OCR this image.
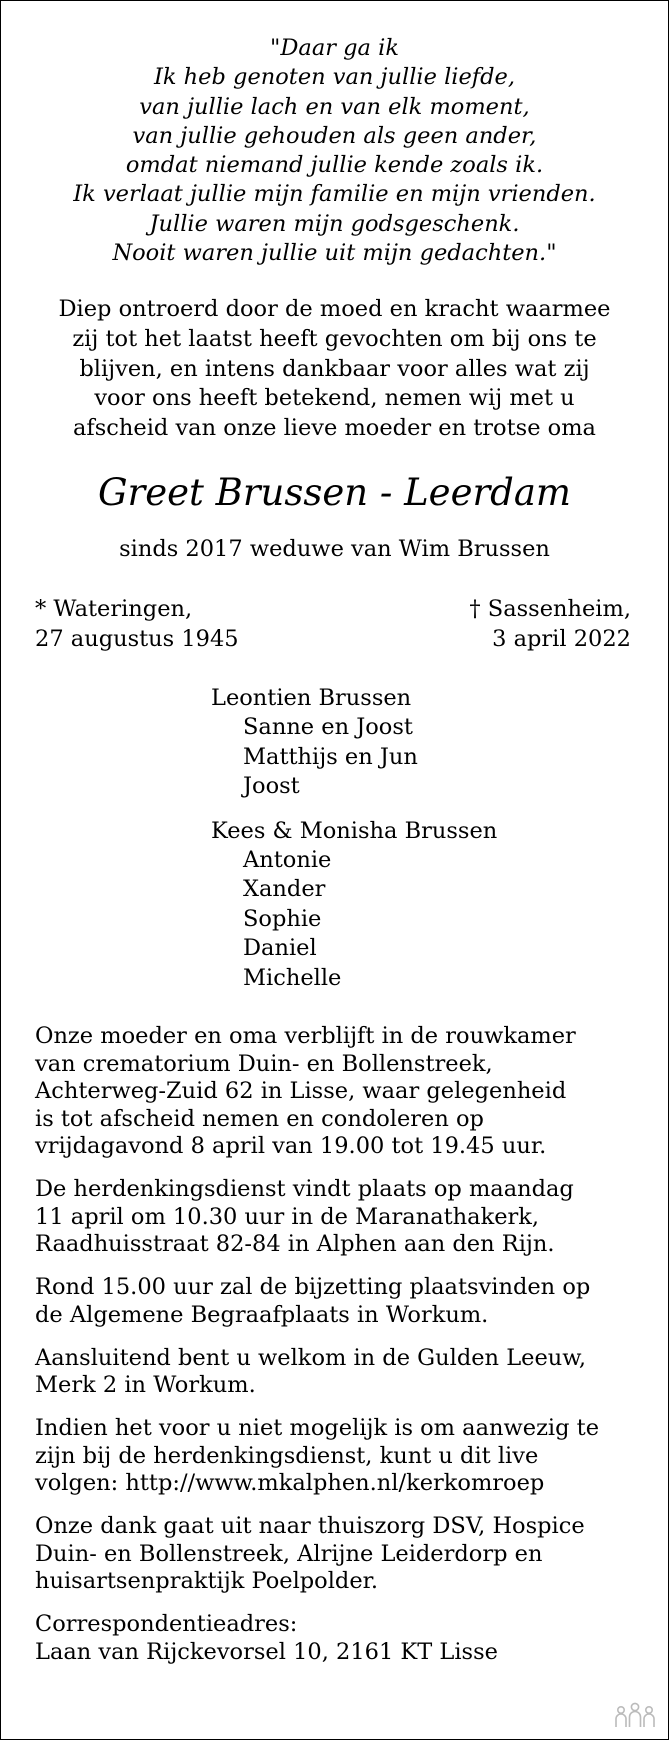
"Daar ga ik
Ik heb genoten van jullie liefde,
van jullie lach en van elk moment,
van jullie gehouden als geen ander,
omdat niemand jullie kende zoals ik.
Ik verlaat jullie mijn familie en mijn vrienden.
Jullie waren mijn godsgeschenk.
Nooit waren jullie uit mijn gedachten."
Diep ontroerd door de moed en kracht waarmee
zij tot het laatst heeft gevochten om bij ons te
blijven, en intens dankbaar voor alles wat zij
voor ons heeft betekend, nemen wij met u
afscheid van onze lieve moeder en trotse oma
Greet Brussen - Leerdam
sinds 2017 weduwe van Wim Brussen
* Wateringen,
27 augustus 1945
† Sassenheim,
3 april 2022
Leontien Brussen
Sanne en Joost
Matthijs en Jun
Joost
Kees & Monisha Brussen
Antonie
Xander
Sophie
Daniel
Michelle

Onze moeder en oma verblijft in de rouwkamer
van crematorium Duin- en Bollenstreek,
Achterweg-Zuid 62 in Lisse, waar gelegenheid
is tot afscheid nemen en condoleren op
vrijdagavond 8 april van 19.00 tot 19.45 uur.

De herdenkingsdienst vindt plaats op maandag
11 april om 10.30 uur in de Maranathakerk,
Raadhuisstraat 82-84 in Alphen aan den Rijn.

Rond 15.00 uur zal de bijzetting plaatsvinden op
de Algemene Begraafplaats in Workum.

Aansluitend bent u welkom in de Gulden Leeuw,
Merk 2 in Workum.

Indien het voor u niet mogelijk is om aanwezig te
zijn bij de herdenkingsdienst, kunt u dit live
volgen: http://www.mkalphen.nl/kerkomroep

Onze dank gaat uit naar thuiszorg DSV, Hospice
Duin- en Bollenstreek, Alrijne Leiderdorp en
huisartsenpraktijk Poelpolder.

Correspondentieadres:
Laan van Rijckevorsel 10, 2161 KT Lisse
